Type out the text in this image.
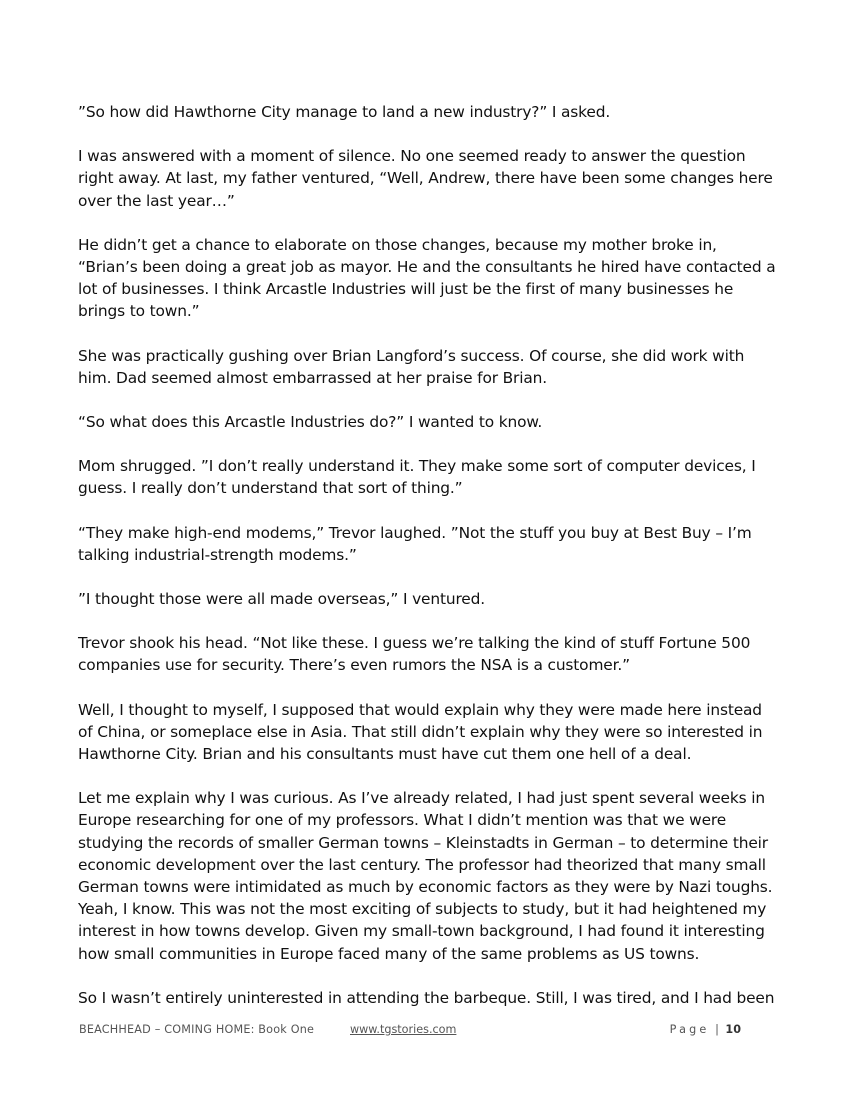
”So how did Hawthorne City manage to land a new industry?” I asked.

I was answered with a moment of silence. No one seemed ready to answer the question right away. At last, my father ventured, “Well, Andrew, there have been some changes here over the last year…”

He didn’t get a chance to elaborate on those changes, because my mother broke in, “Brian’s been doing a great job as mayor. He and the consultants he hired have contacted a lot of businesses. I think Arcastle Industries will just be the first of many businesses he brings to town.”

She was practically gushing over Brian Langford’s success. Of course, she did work with him. Dad seemed almost embarrassed at her praise for Brian.

“So what does this Arcastle Industries do?” I wanted to know.

Mom shrugged. ”I don’t really understand it. They make some sort of computer devices, I guess. I really don’t understand that sort of thing.”

“They make high-end modems,” Trevor laughed. ”Not the stuff you buy at Best Buy – I’m talking industrial-strength modems.”

”I thought those were all made overseas,” I ventured.

Trevor shook his head. “Not like these. I guess we’re talking the kind of stuff Fortune 500 companies use for security. There’s even rumors the NSA is a customer.”

Well, I thought to myself, I supposed that would explain why they were made here instead of China, or someplace else in Asia. That still didn’t explain why they were so interested in Hawthorne City. Brian and his consultants must have cut them one hell of a deal.

Let me explain why I was curious. As I’ve already related, I had just spent several weeks in Europe researching for one of my professors. What I didn’t mention was that we were studying the records of smaller German towns – Kleinstadts in German – to determine their economic development over the last century. The professor had theorized that many small German towns were intimidated as much by economic factors as they were by Nazi toughs. Yeah, I know. This was not the most exciting of subjects to study, but it had heightened my interest in how towns develop. Given my small-town background, I had found it interesting how small communities in Europe faced many of the same problems as US towns.

So I wasn’t entirely uninterested in attending the barbeque. Still, I was tired, and I had been

BEACHHEAD – COMING HOME: Book One	www.tgstories.com	Page | 10
